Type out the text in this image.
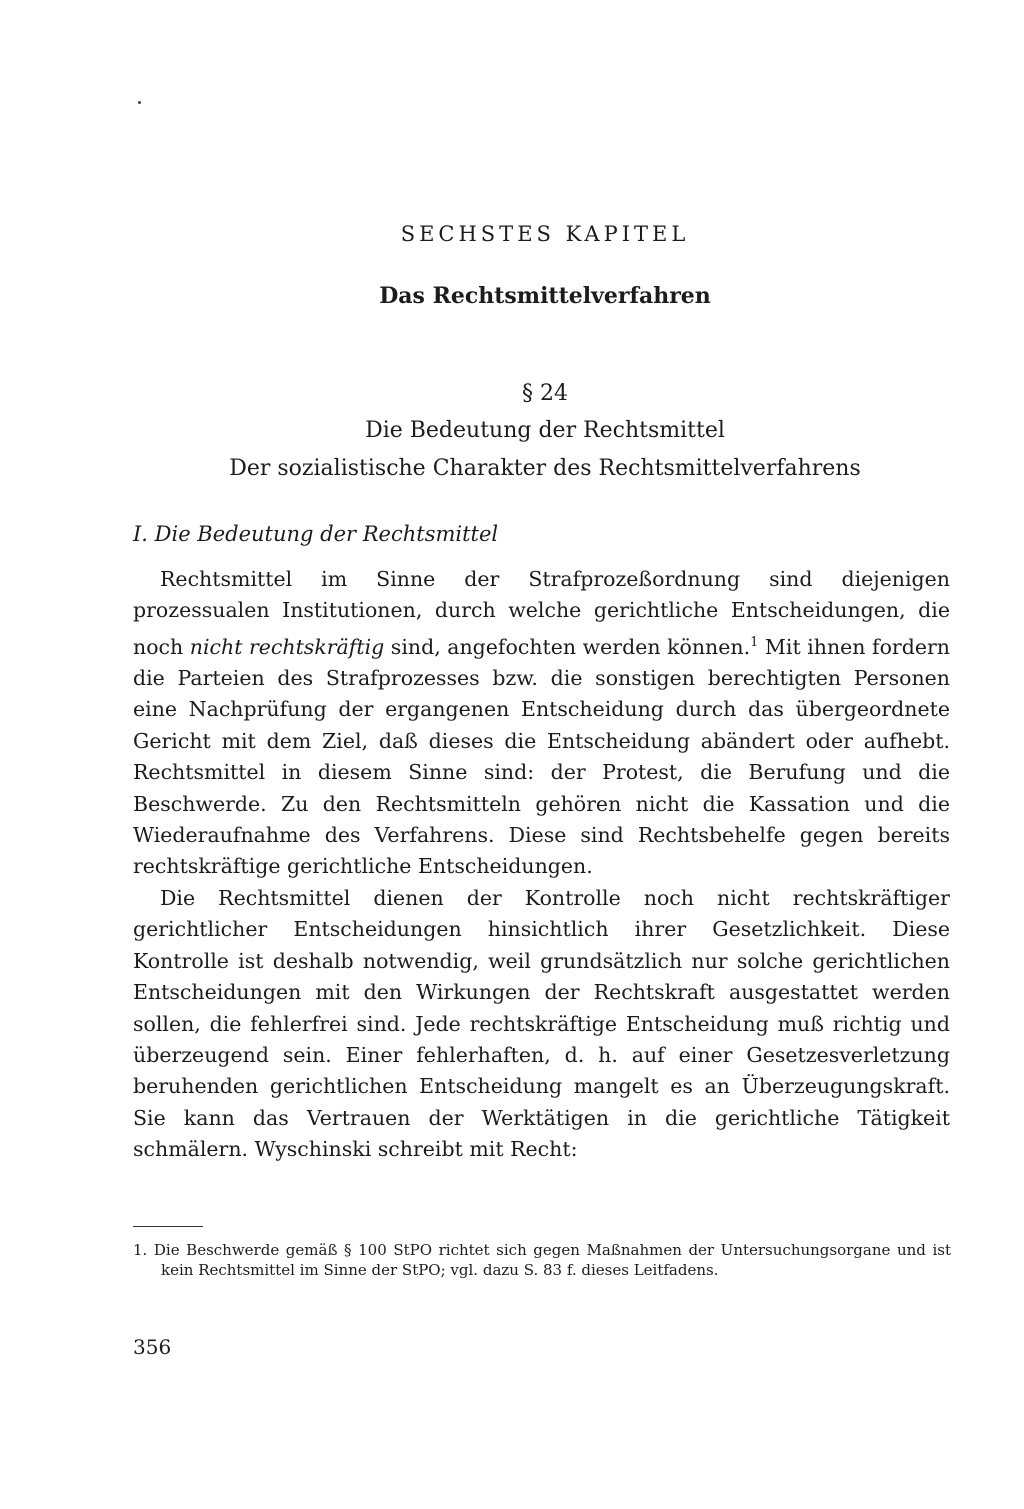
SECHSTES KAPITEL
Das Rechtsmittelverfahren
§ 24
Die Bedeutung der Rechtsmittel
Der sozialistische Charakter des Rechtsmittelverfahrens
I. Die Bedeutung der Rechtsmittel

Rechtsmittel im Sinne der Strafprozeßordnung sind diejenigen prozessualen Institutionen, durch welche gerichtliche Entscheidungen, die noch nicht rechtskräftig sind, angefochten werden können.$^1$ Mit ihnen fordern die Parteien des Strafprozesses bzw. die sonstigen berechtigten Personen eine Nachprüfung der ergangenen Entscheidung durch das übergeordnete Gericht mit dem Ziel, daß dieses die Entscheidung abändert oder aufhebt. Rechtsmittel in diesem Sinne sind: der Protest, die Berufung und die Beschwerde. Zu den Rechtsmitteln gehören nicht die Kassation und die Wiederaufnahme des Verfahrens. Diese sind Rechtsbehelfe gegen bereits rechtskräftige gerichtliche Entscheidungen.

Die Rechtsmittel dienen der Kontrolle noch nicht rechtskräftiger gerichtlicher Entscheidungen hinsichtlich ihrer Gesetzlichkeit. Diese Kontrolle ist deshalb notwendig, weil grundsätzlich nur solche gerichtlichen Entscheidungen mit den Wirkungen der Rechtskraft ausgestattet werden sollen, die fehlerfrei sind. Jede rechtskräftige Entscheidung muß richtig und überzeugend sein. Einer fehlerhaften, d. h. auf einer Gesetzesverletzung beruhenden gerichtlichen Entscheidung mangelt es an Überzeugungskraft. Sie kann das Vertrauen der Werktätigen in die gerichtliche Tätigkeit schmälern. Wyschinski schreibt mit Recht:

1. Die Beschwerde gemäß § 100 StPO richtet sich gegen Maßnahmen der Untersuchungsorgane und ist kein Rechtsmittel im Sinne der StPO; vgl. dazu S. 83 f. dieses Leitfadens.
356
